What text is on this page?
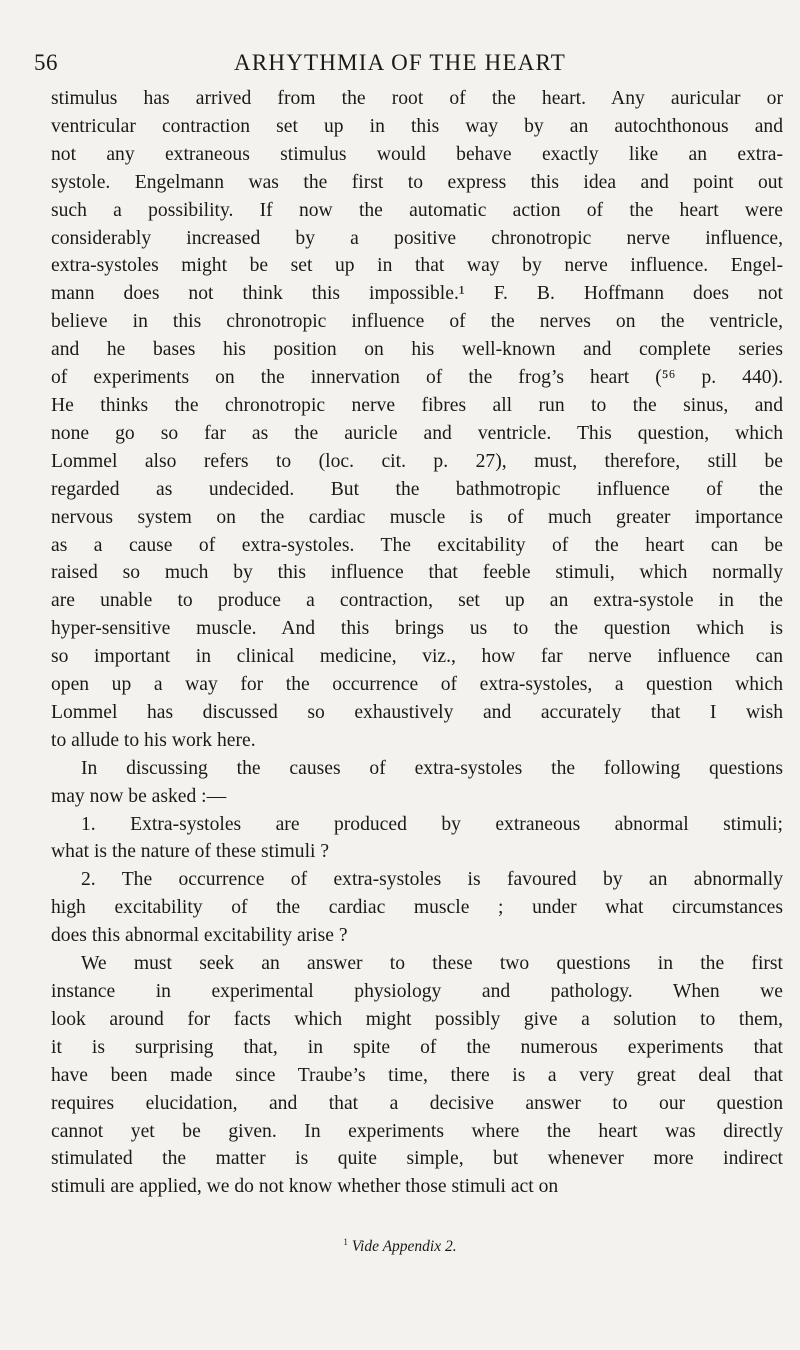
56	ARHYTHMIA OF THE HEART
stimulus has arrived from the root of the heart. Any auricular or
ventricular contraction set up in this way by an autochthonous and
not any extraneous stimulus would behave exactly like an extra-
systole. Engelmann was the first to express this idea and point out
such a possibility. If now the automatic action of the heart were
considerably increased by a positive chronotropic nerve influence,
extra-systoles might be set up in that way by nerve influence. Engel-
mann does not think this impossible.¹ F. B. Hoffmann does not
believe in this chronotropic influence of the nerves on the ventricle,
and he bases his position on his well-known and complete series
of experiments on the innervation of the frog’s heart (⁵⁶ p. 440).
He thinks the chronotropic nerve fibres all run to the sinus, and
none go so far as the auricle and ventricle. This question, which
Lommel also refers to (loc. cit. p. 27), must, therefore, still be
regarded as undecided. But the bathmotropic influence of the
nervous system on the cardiac muscle is of much greater importance
as a cause of extra-systoles. The excitability of the heart can be
raised so much by this influence that feeble stimuli, which normally
are unable to produce a contraction, set up an extra-systole in the
hyper-sensitive muscle. And this brings us to the question which is
so important in clinical medicine, viz., how far nerve influence can
open up a way for the occurrence of extra-systoles, a question which
Lommel has discussed so exhaustively and accurately that I wish
to allude to his work here.
In discussing the causes of extra-systoles the following questions
may now be asked :—
1. Extra-systoles are produced by extraneous abnormal stimuli;
what is the nature of these stimuli ?
2. The occurrence of extra-systoles is favoured by an abnormally
high excitability of the cardiac muscle ; under what circumstances
does this abnormal excitability arise ?
We must seek an answer to these two questions in the first
instance in experimental physiology and pathology. When we
look around for facts which might possibly give a solution to them,
it is surprising that, in spite of the numerous experiments that
have been made since Traube’s time, there is a very great deal that
requires elucidation, and that a decisive answer to our question
cannot yet be given. In experiments where the heart was directly
stimulated the matter is quite simple, but whenever more indirect
stimuli are applied, we do not know whether those stimuli act on
$^1$ Vide Appendix 2.
